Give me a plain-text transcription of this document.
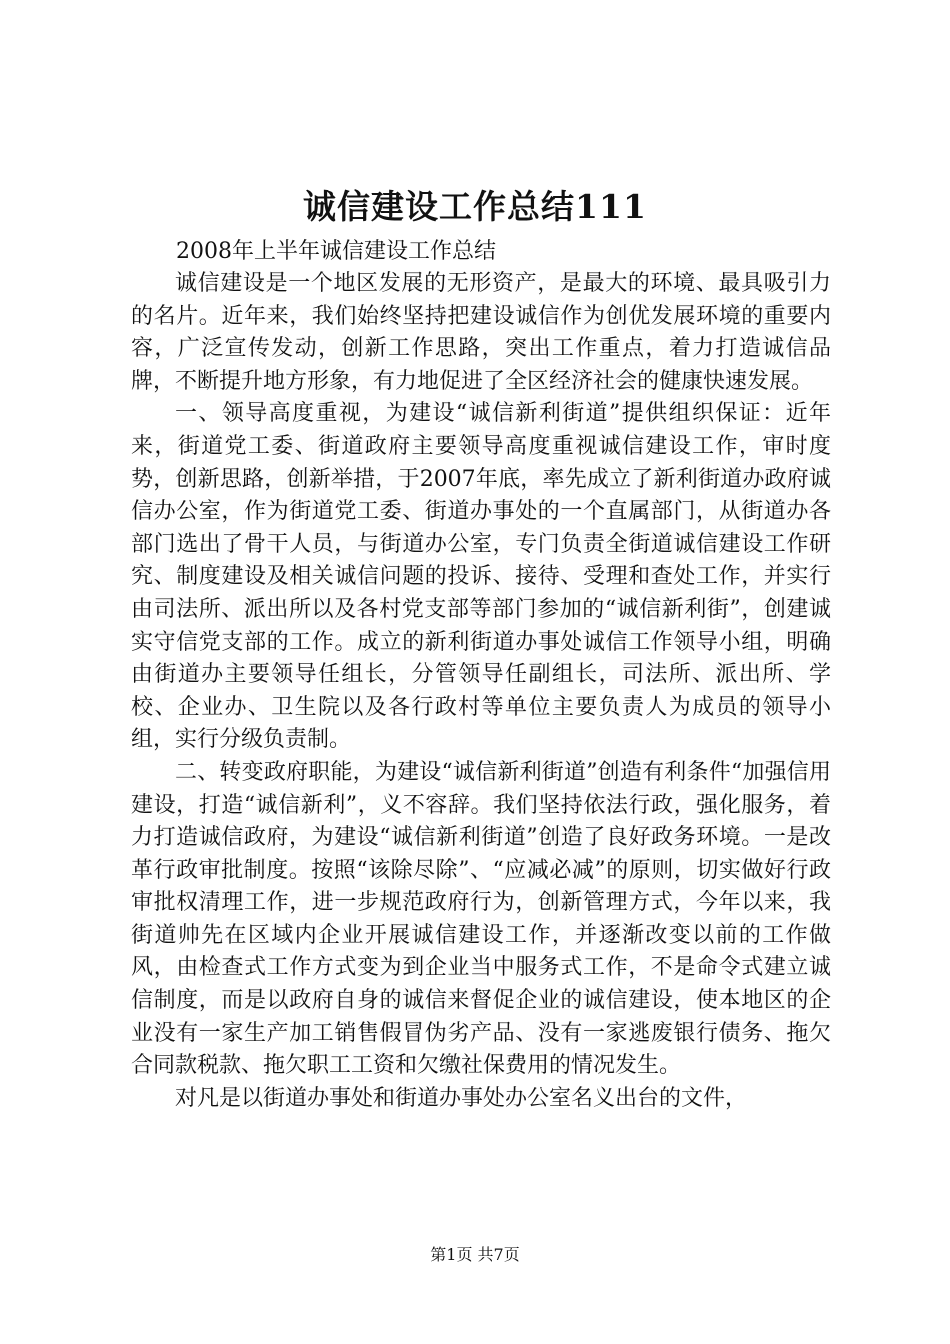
诚信建设工作总结111

2008年上半年诚信建设工作总结

诚信建设是一个地区发展的无形资产，是最大的环境、最具吸引力的名片。近年来，我们始终坚持把建设诚信作为创优发展环境的重要内容，广泛宣传发动，创新工作思路，突出工作重点，着力打造诚信品牌，不断提升地方形象，有力地促进了全区经济社会的健康快速发展。

一、领导高度重视，为建设“诚信新利街道”提供组织保证：近年来，街道党工委、街道政府主要领导高度重视诚信建设工作，审时度势，创新思路，创新举措，于2007年底，率先成立了新利街道办政府诚信办公室，作为街道党工委、街道办事处的一个直属部门，从街道办各部门选出了骨干人员，与街道办公室，专门负责全街道诚信建设工作研究、制度建设及相关诚信问题的投诉、接待、受理和查处工作，并实行由司法所、派出所以及各村党支部等部门参加的“诚信新利街”，创建诚实守信党支部的工作。成立的新利街道办事处诚信工作领导小组，明确由街道办主要领导任组长，分管领导任副组长，司法所、派出所、学校、企业办、卫生院以及各行政村等单位主要负责人为成员的领导小组，实行分级负责制。

二、转变政府职能，为建设“诚信新利街道”创造有利条件“加强信用建设，打造“诚信新利”，义不容辞。我们坚持依法行政，强化服务，着力打造诚信政府，为建设“诚信新利街道”创造了良好政务环境。一是改革行政审批制度。按照“该除尽除”、“应减必减”的原则，切实做好行政审批权清理工作，进一步规范政府行为，创新管理方式，今年以来，我街道帅先在区域内企业开展诚信建设工作，并逐渐改变以前的工作做风，由检查式工作方式变为到企业当中服务式工作，不是命令式建立诚信制度，而是以政府自身的诚信来督促企业的诚信建设，使本地区的企业没有一家生产加工销售假冒伪劣产品、没有一家逃废银行债务、拖欠合同款税款、拖欠职工工资和欠缴社保费用的情况发生。

对凡是以街道办事处和街道办事处办公室名义出台的文件，

第1页 共7页
